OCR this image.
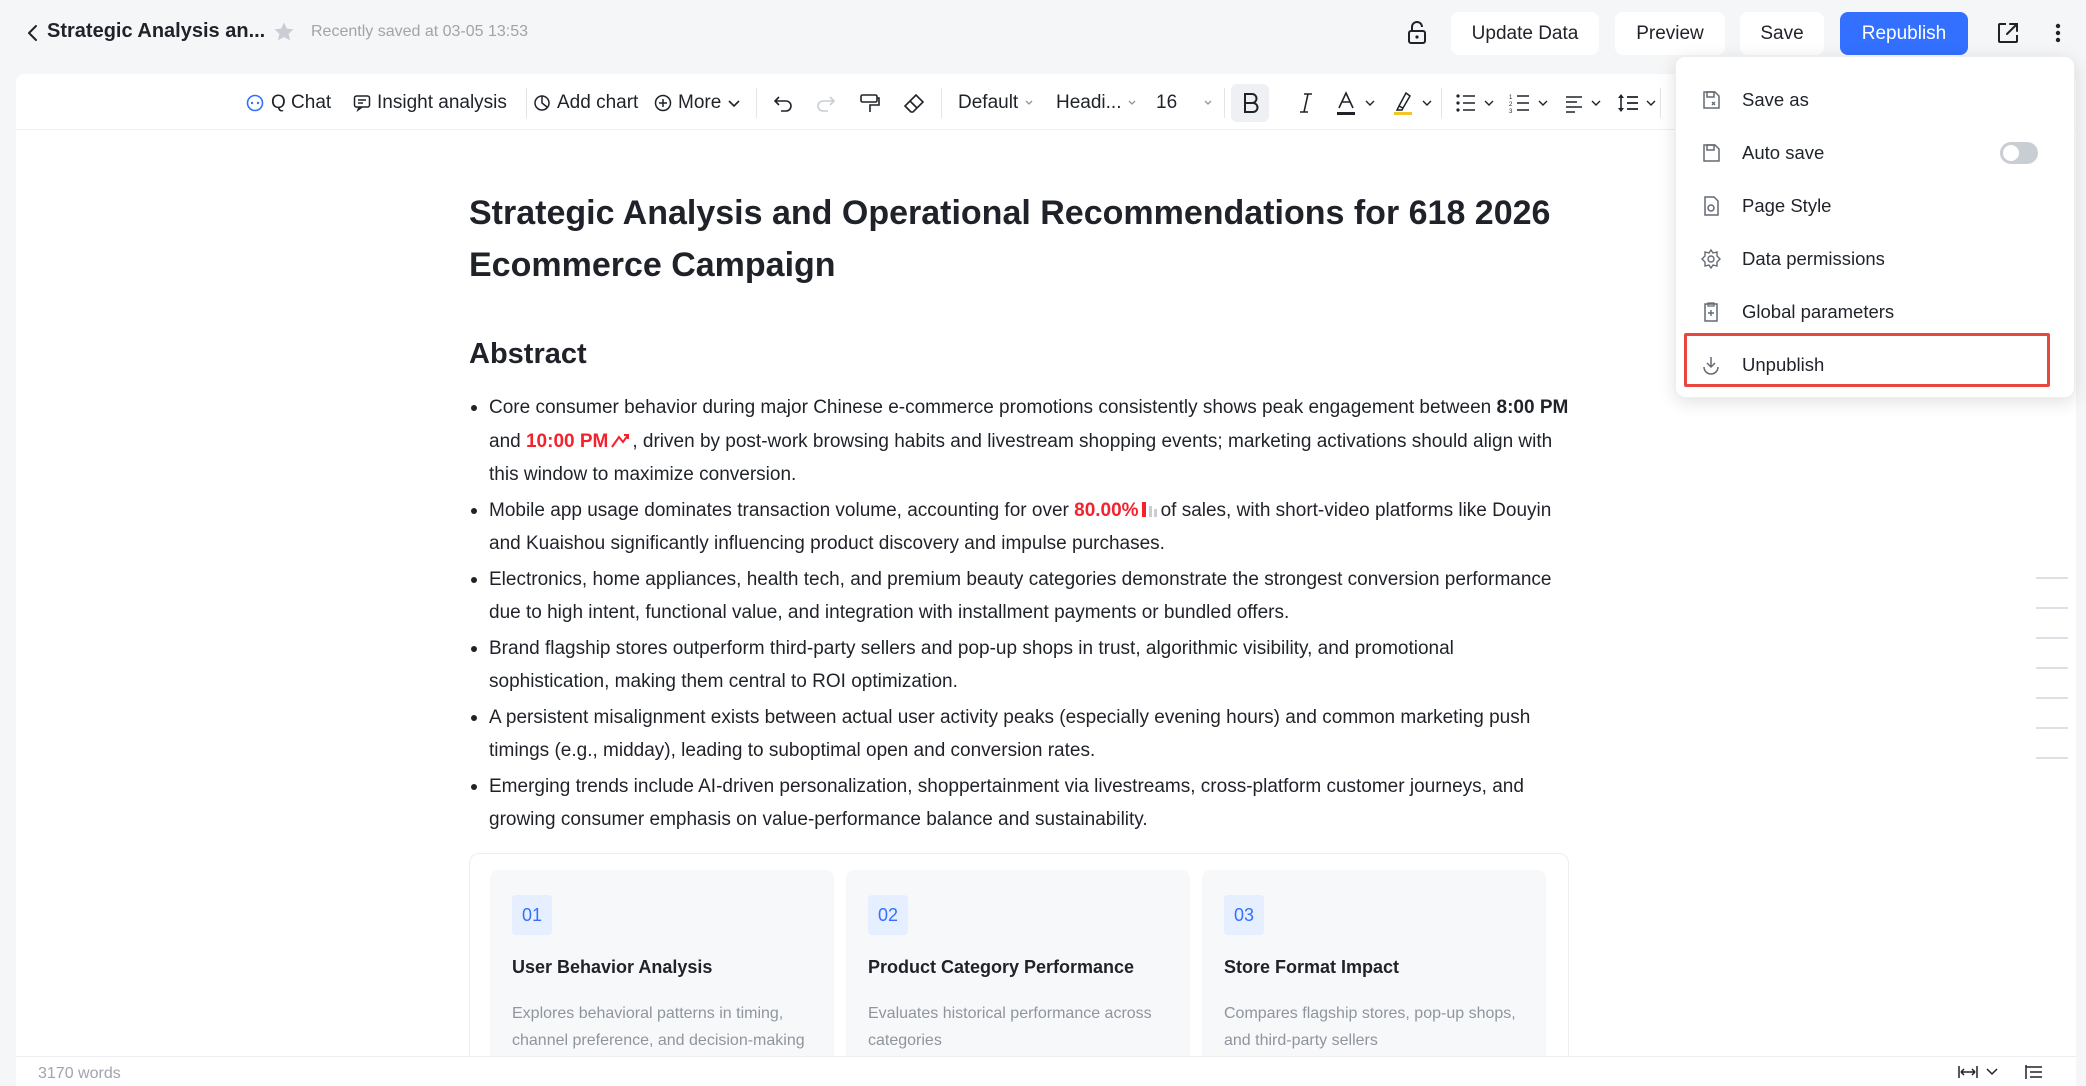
Strategic Analysis an...	Recently saved at 03-05 13:53	Update Data	Preview	Save	Republish
Q Chat Insight analysis	Add chart More	Default Headi... 16	1
2
3
Strategic Analysis and Operational Recommendations for 618 2026 Ecommerce Campaign
Abstract
Core consumer behavior during major Chinese e-commerce promotions consistently shows peak engagement between 8:00 PM and 10:00 PM , driven by post-work browsing habits and livestream shopping events; marketing activations should align with this window to maximize conversion.
Mobile app usage dominates transaction volume, accounting for over 80.00% of sales, with short-video platforms like Douyin and Kuaishou significantly influencing product discovery and impulse purchases.
Electronics, home appliances, health tech, and premium beauty categories demonstrate the strongest conversion performance due to high intent, functional value, and integration with installment payments or bundled offers.
Brand flagship stores outperform third-party sellers and pop-up shops in trust, algorithmic visibility, and promotional sophistication, making them central to ROI optimization.
A persistent misalignment exists between actual user activity peaks (especially evening hours) and common marketing push timings (e.g., midday), leading to suboptimal open and conversion rates.
Emerging trends include AI-driven personalization, shoppertainment via livestreams, cross-platform customer journeys, and growing consumer emphasis on value-performance balance and sustainability.
01
User Behavior Analysis
Explores behavioral patterns in timing, channel preference, and decision-making
02
Product Category Performance
Evaluates historical performance across categories
03
Store Format Impact
Compares flagship stores, pop-up shops, and third-party sellers
3170 words
Save as
Auto save
Page Style
Data permissions
Global parameters
Unpublish
